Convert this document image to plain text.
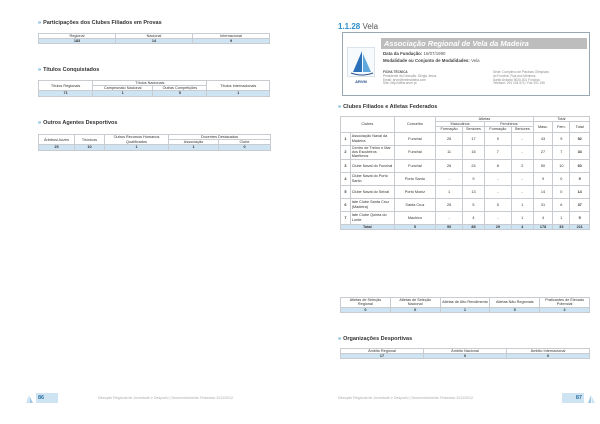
» Participações dos Clubes Filiados em Provas
Regional	Nacional	Internacional
183	14	9
» Títulos Conquistados
Títulos Regionais	Títulos Nacionais		Títulos Internacionais
	Campeonato Nacional	Outras Competições	
71	1	5	1
» Outros Agentes Desportivos
Árbitros/Juízes	Técnicos	Outros Recursos Humanos Qualificados	Docentes Destacados	
			Associação	Clube
25	10	1	1	0
86	Direcção Regional de Juventude e Desporto | Desenvolvimento Federado 2011/2012
1.1.28 Vela
ARVM
Associação Regional de Vela da Madeira
Data da Fundação: 16/07/1990
Modalidade ou Conjunto de Modalidades: Vela
FICHA TÉCNICA
Presidente da Direcção: Sérgio Jesus
Email: arvm@netmadeira.com
Site: http://www.arvm.pt
Sede: Complexo de Piscinas Olímpicas
do Funchal, Rua dos Meninos
Santo António 9020-001 Funchal
Telefone: 291 234 574 / Fax 291 236
» Clubes Filiados e Atletas Federados
Clubes		Concelho	Atletas				Total		
			Masculinos		Femininos		Masc.	Fem.	Total
			Formação	Seniores	Formação	Seniores			
1	Associação Naval da Madeira	Funchal	26	17	9	-	43	9	52
2	Centro de Treino e Mar dos Escuteiros Marítimos	Funchal	11	16	7	-	27	7	34
3	Clube Naval do Funchal	Funchal	26	24	8	2	50	10	60
4	Clube Naval do Porto Santo	Porto Santo	-	9	-	-	9	0	9
5	Clube Naval do Seixal	Porto Moniz	1	13	-	-	14	0	14
6	Iate Clube Santa Cruz (Madeira)	Santa Cruz	26	5	5	1	31	6	37
7	Iate Clube Quinta do Lorde	Machico	-	4	-	1	4	1	5
Total		5	90	88	29	4	178	33	211
Atletas de Seleção Regional	Atletas de Seleção Nacional	Atletas de Alto Rendimento	Atletas Não Regionais	Praticantes de Elevado Potencial
0	0	1	0	2
» Organizações Desportivas
Âmbito Regional	Âmbito Nacional	Âmbito Internacional
17	0	0
Direcção Regional de Juventude e Desporto | Desenvolvimento Federado 2011/2012	87
